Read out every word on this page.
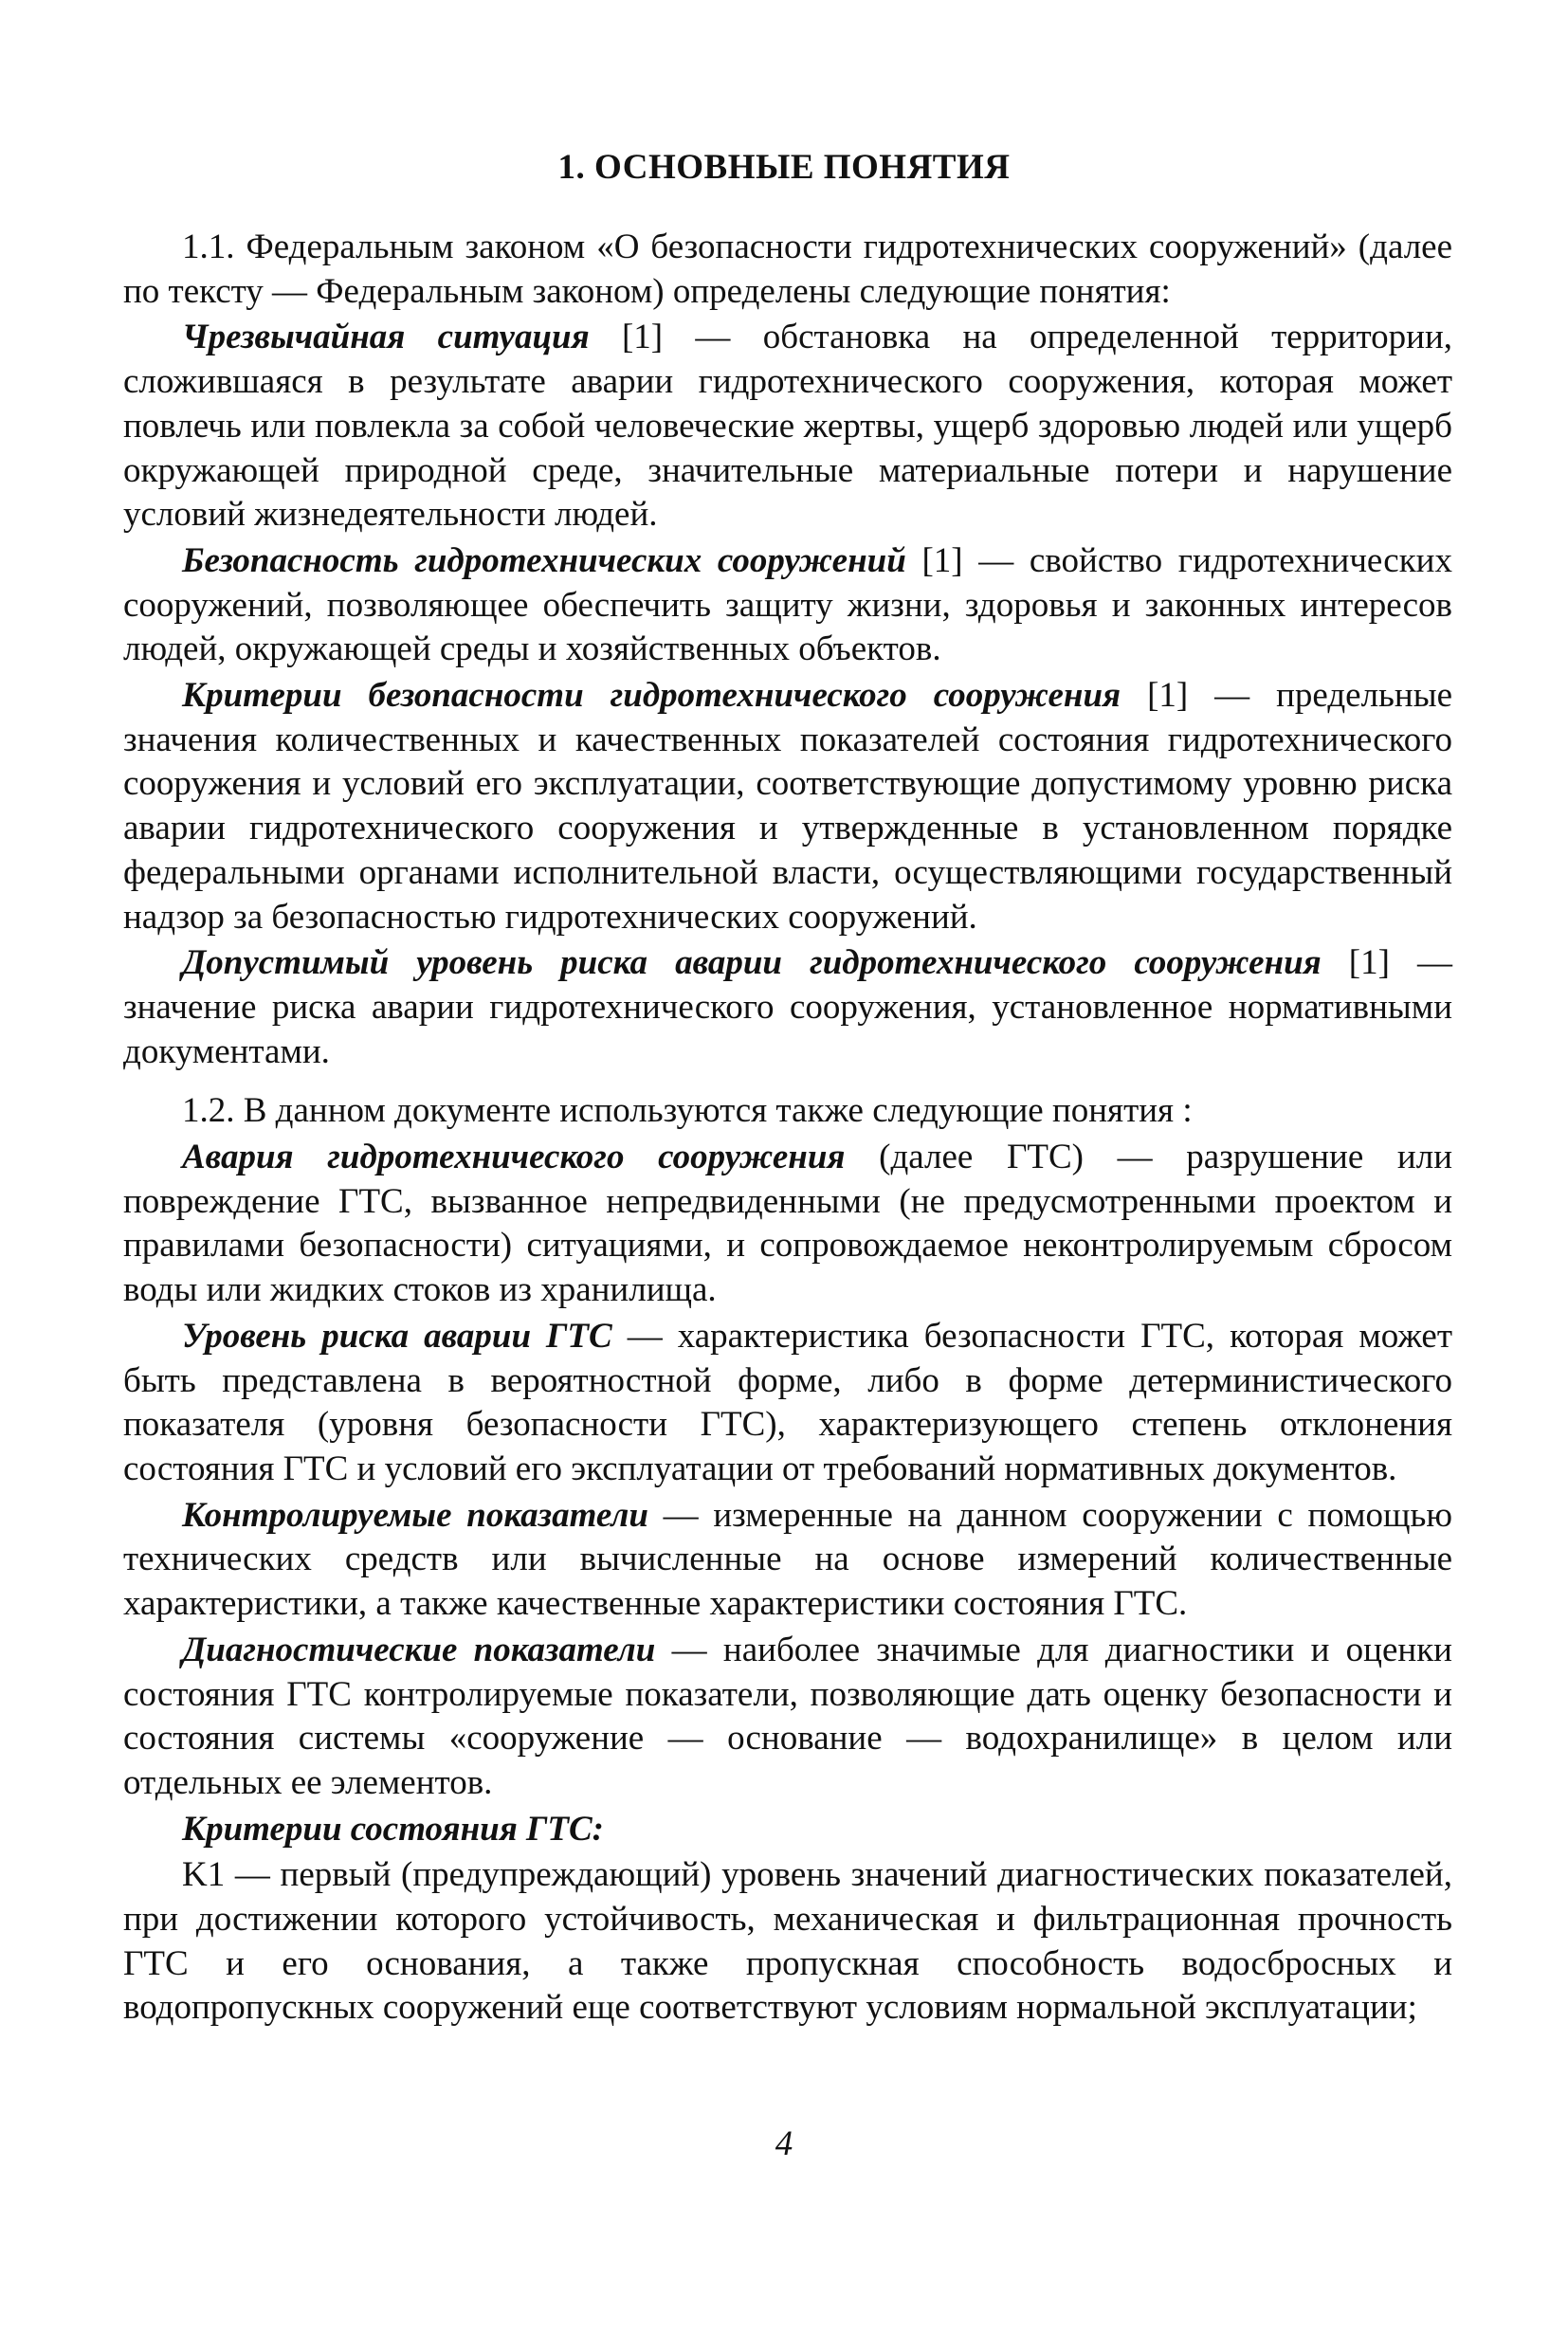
1. ОСНОВНЫЕ ПОНЯТИЯ

1.1. Федеральным законом «О безопасности гидротехнических сооружений» (далее по тексту — Федеральным законом) определены следующие понятия:

Чрезвычайная ситуация [1] — обстановка на определенной территории, сложившаяся в результате аварии гидротехнического сооружения, которая может повлечь или повлекла за собой человеческие жертвы, ущерб здоровью людей или ущерб окружающей природной среде, значительные материальные потери и нарушение условий жизнедеятельности людей.

Безопасность гидротехнических сооружений [1] — свойство гидротехнических сооружений, позволяющее обеспечить защиту жизни, здоровья и законных интересов людей, окружающей среды и хозяйственных объектов.

Критерии безопасности гидротехнического сооружения [1] — предельные значения количественных и качественных показателей состояния гидротехнического сооружения и условий его эксплуатации, соответствующие допустимому уровню риска аварии гидротехнического сооружения и утвержденные в установленном порядке федеральными органами исполнительной власти, осуществляющими государственный надзор за безопасностью гидротехнических сооружений.

Допустимый уровень риска аварии гидротехнического сооружения [1] — значение риска аварии гидротехнического сооружения, установленное нормативными документами.

1.2. В данном документе используются также следующие понятия :

Авария гидротехнического сооружения (далее ГТС) — разрушение или повреждение ГТС, вызванное непредвиденными (не предусмотренными проектом и правилами безопасности) ситуациями, и сопровождаемое неконтролируемым сбросом воды или жидких стоков из хранилища.

Уровень риска аварии ГТС — характеристика безопасности ГТС, которая может быть представлена в вероятностной форме, либо в форме детерминистического показателя (уровня безопасности ГТС), характеризующего степень отклонения состояния ГТС и условий его эксплуатации от требований нормативных документов.

Контролируемые показатели — измеренные на данном сооружении с помощью технических средств или вычисленные на основе измерений количественные характеристики, а также качественные характеристики состояния ГТС.

Диагностические показатели — наиболее значимые для диагностики и оценки состояния ГТС контролируемые показатели, позволяющие дать оценку безопасности и состояния системы «сооружение — основание — водохранилище» в целом или отдельных ее элементов.

Критерии состояния ГТС:

K1 — первый (предупреждающий) уровень значений диагностических показателей, при достижении которого устойчивость, механическая и фильтрационная прочность ГТС и его основания, а также пропускная способность водосбросных и водопропускных сооружений еще соответствуют условиям нормальной эксплуатации;

4
